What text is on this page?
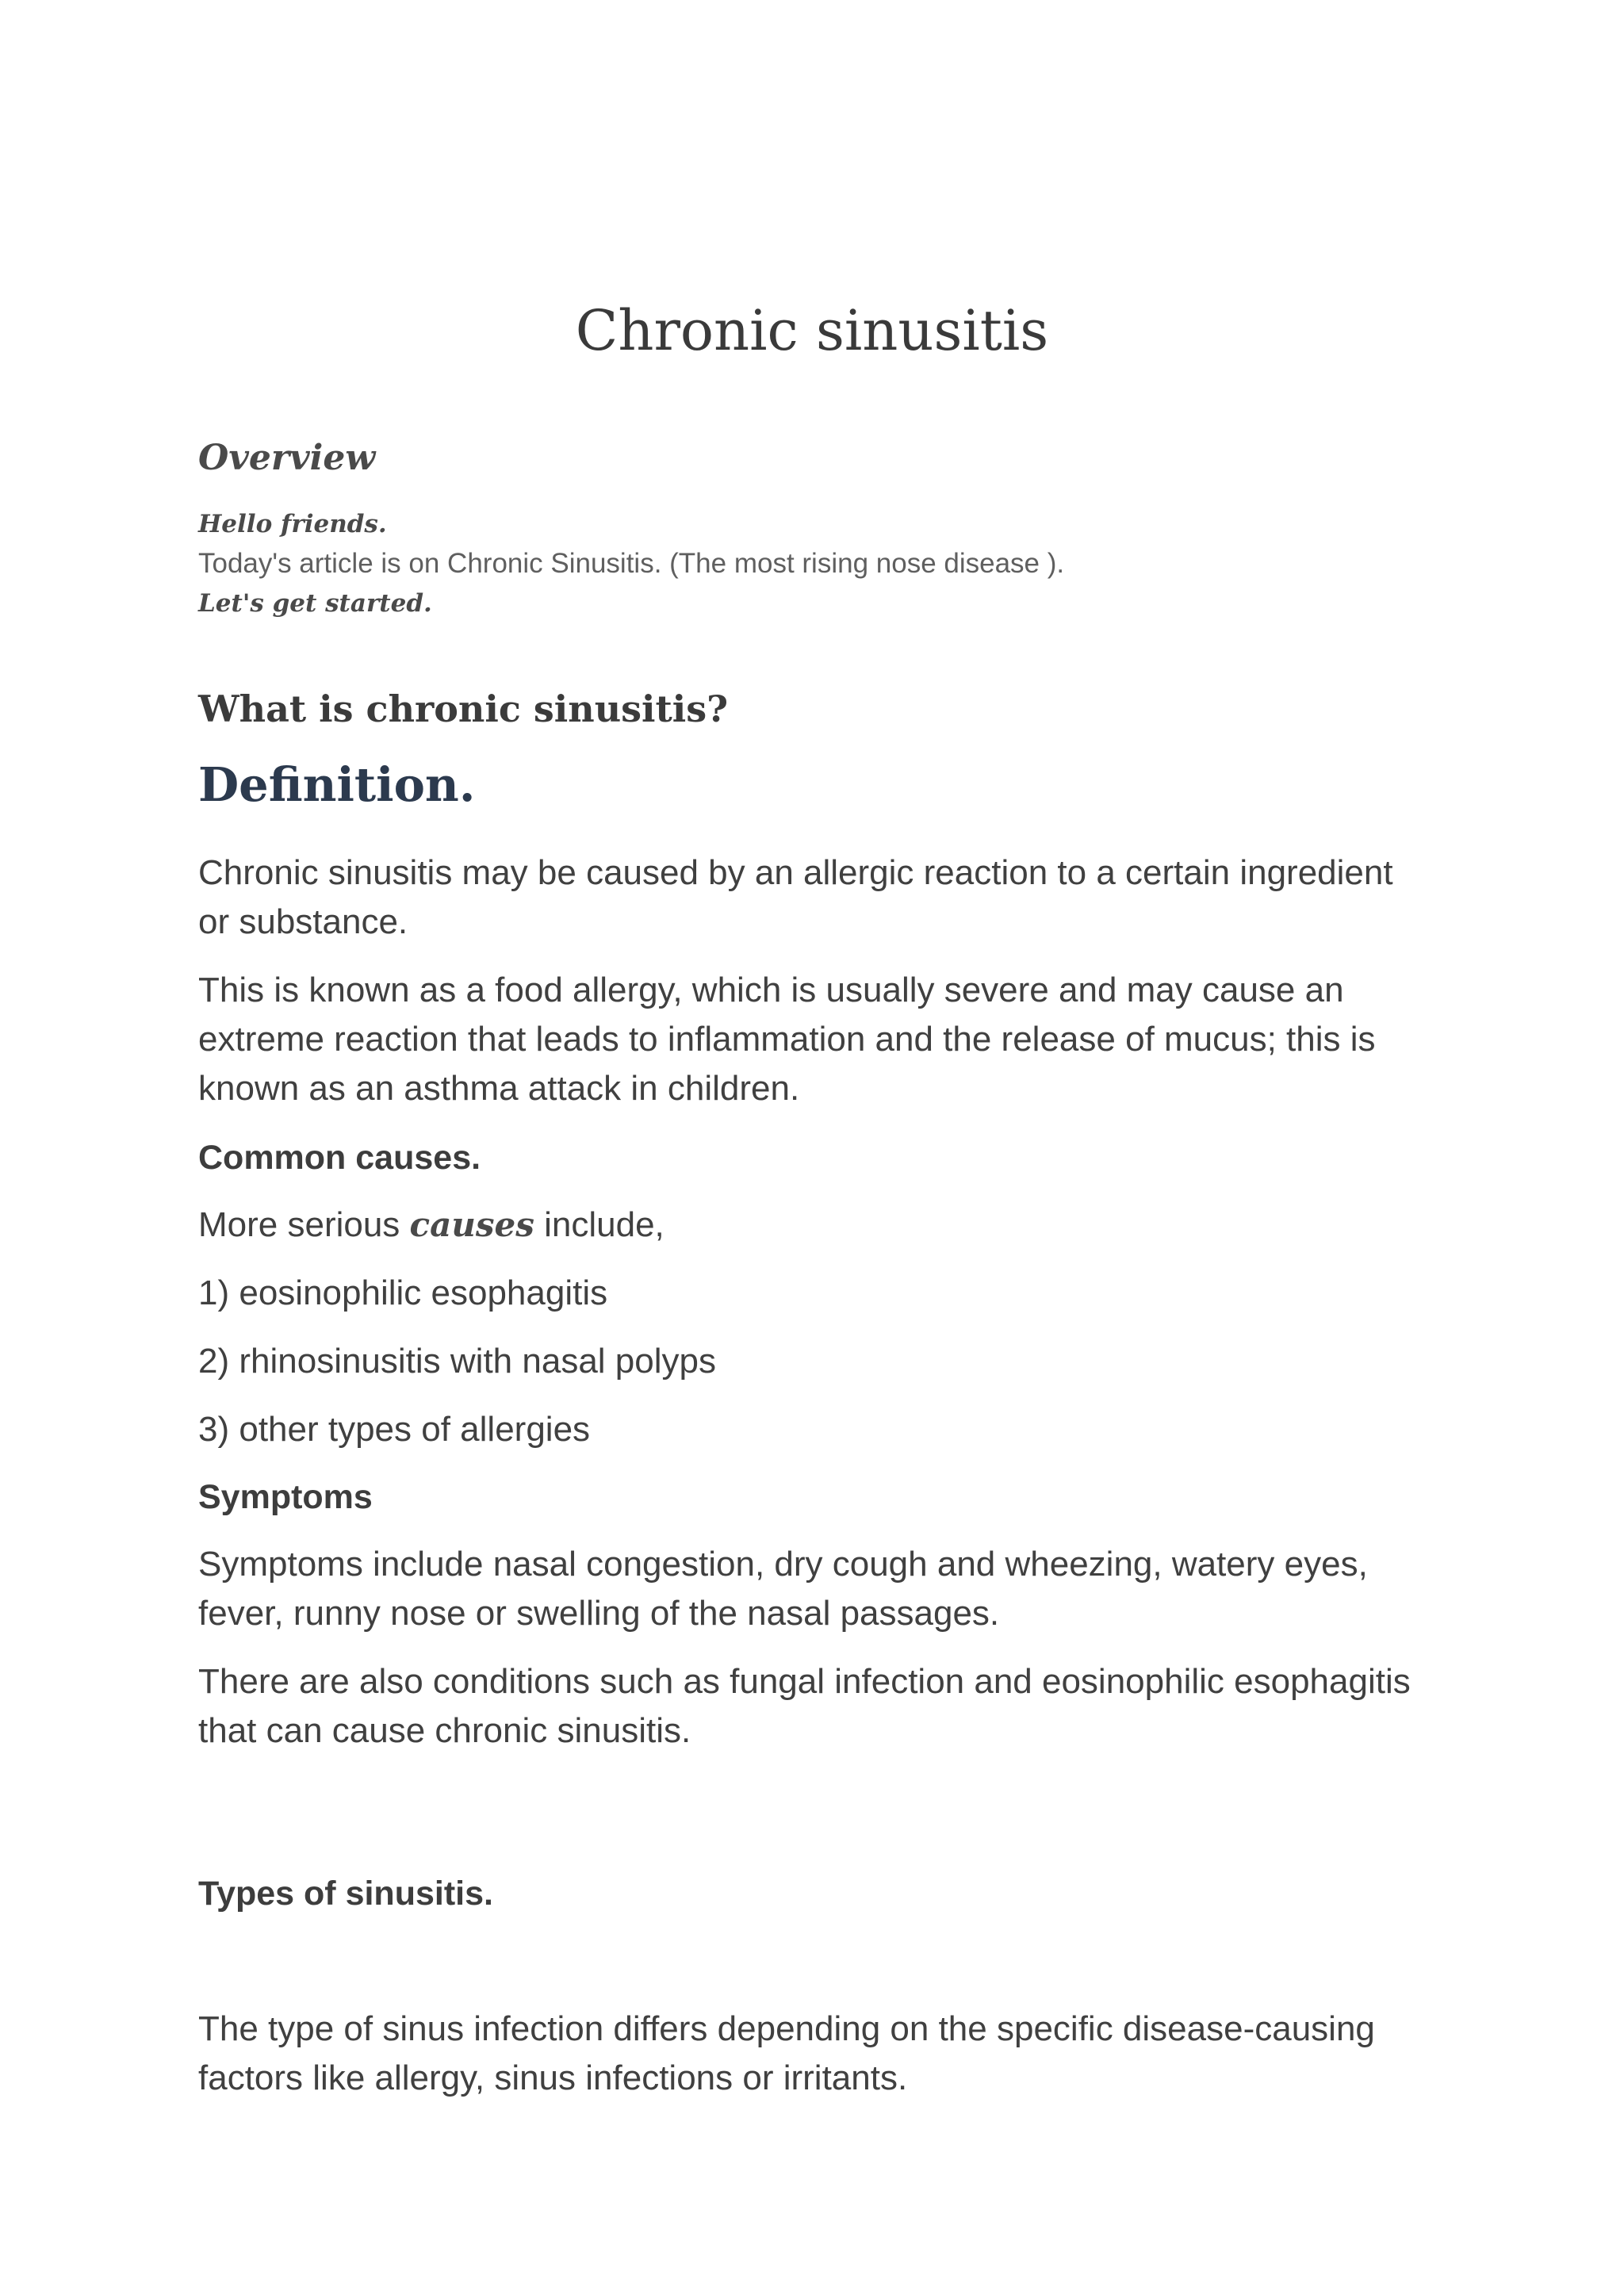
Chronic sinusitis
Overview
Hello friends.
Today's article is on Chronic Sinusitis. (The most rising nose disease ).
Let's get started.
What is chronic sinusitis?
Definition.

Chronic sinusitis may be caused by an allergic reaction to a certain ingredient or substance.

This is known as a food allergy, which is usually severe and may cause an extreme reaction that leads to inflammation and the release of mucus; this is known as an asthma attack in children.

Common causes.

More serious causes include,

1) eosinophilic esophagitis

2) rhinosinusitis with nasal polyps

3) other types of allergies

Symptoms

Symptoms include nasal congestion, dry cough and wheezing, watery eyes, fever, runny nose or swelling of the nasal passages.

There are also conditions such as fungal infection and eosinophilic esophagitis that can cause chronic sinusitis.

Types of sinusitis.

The type of sinus infection differs depending on the specific disease-causing factors like allergy, sinus infections or irritants.
